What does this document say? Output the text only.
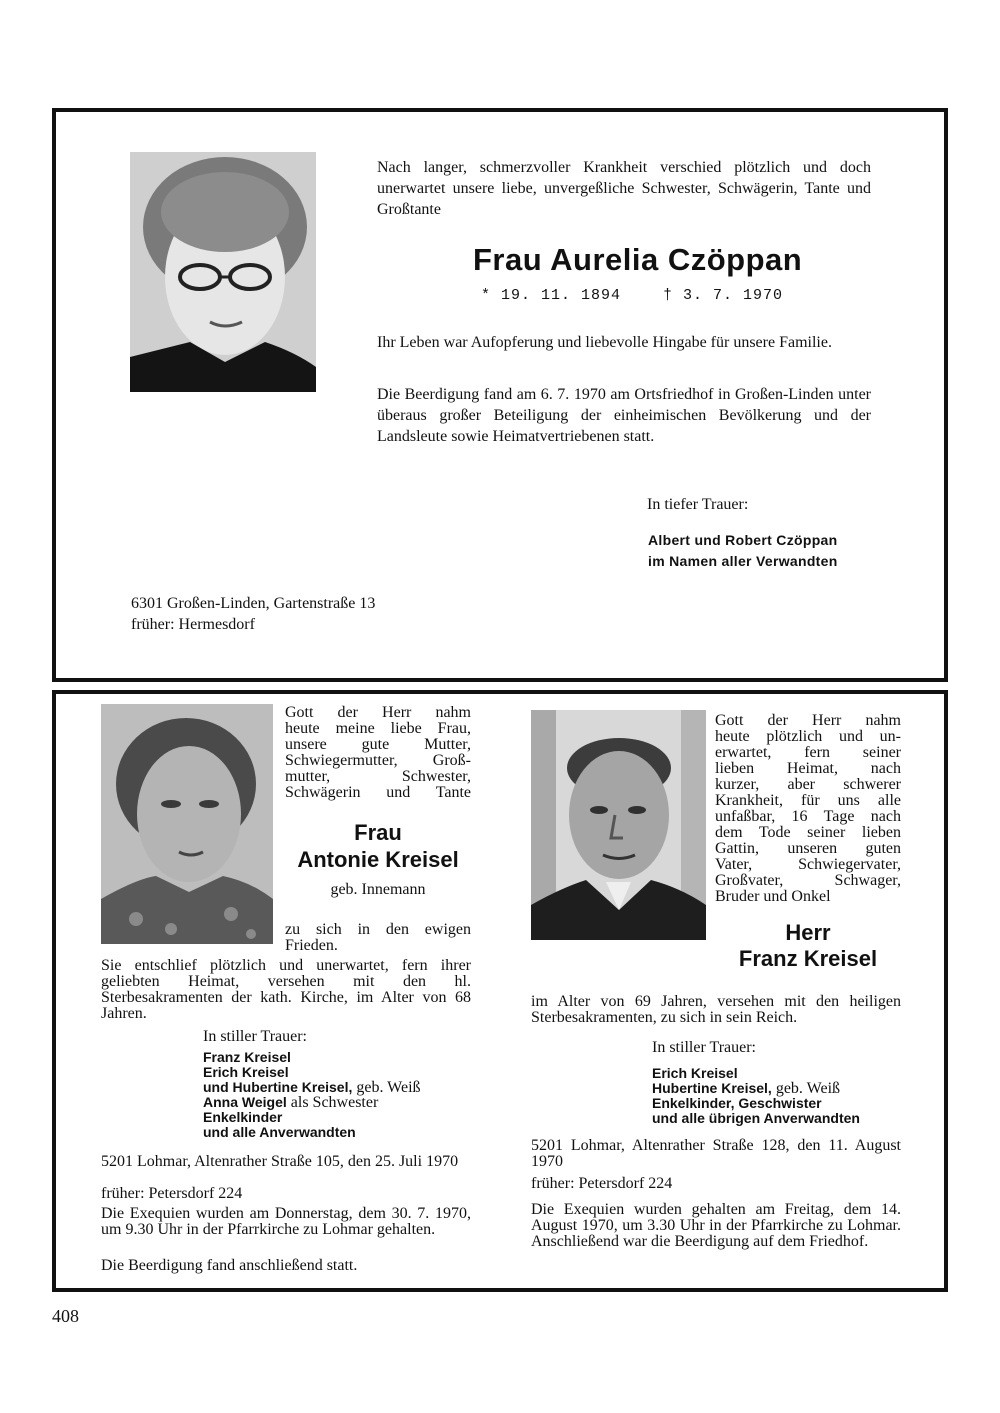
Nach langer, schmerzvoller Krankheit verschied plötzlich und doch unerwartet unsere liebe, unvergeßliche Schwester, Schwägerin, Tante und Großtante
Frau Aurelia Czöppan
* 19. 11. 1894	† 3. 7. 1970
Ihr Leben war Aufopferung und liebevolle Hingabe für unsere Familie.
Die Beerdigung fand am 6. 7. 1970 am Ortsfriedhof in Großen-Linden unter überaus großer Beteiligung der einheimischen Bevölkerung und der Landsleute sowie Heimatvertriebenen statt.
In tiefer Trauer:
Albert und Robert Czöppan
im Namen aller Verwandten
6301 Großen-Linden, Gartenstraße 13
früher: Hermesdorf
Gott der Herr nahm
heute meine liebe Frau,
unsere gute Mutter,
Schwiegermutter, Groß-
mutter, Schwester,
Schwägerin und Tante
Frau
Antonie Kreisel
geb. Innemann
zu sich in den ewigen
Frieden.
Sie entschlief plötzlich und unerwartet, fern ihrer geliebten Heimat, versehen mit den hl. Sterbesakramenten der kath. Kirche, im Alter von 68 Jahren.
In stiller Trauer:
Franz Kreisel
Erich Kreisel
und Hubertine Kreisel, geb. Weiß
Anna Weigel als Schwester
Enkelkinder
und alle Anverwandten
5201 Lohmar, Altenrather Straße 105, den 25. Juli 1970
früher: Petersdorf 224
Die Exequien wurden am Donnerstag, dem 30. 7. 1970, um 9.30 Uhr in der Pfarrkirche zu Lohmar gehalten.
Die Beerdigung fand anschließend statt.
Gott der Herr nahm
heute plötzlich und un-
erwartet, fern seiner
lieben Heimat, nach
kurzer, aber schwerer
Krankheit, für uns alle
unfaßbar, 16 Tage nach
dem Tode seiner lieben
Gattin, unseren guten
Vater, Schwiegervater,
Großvater, Schwager,
Bruder und Onkel
Herr
Franz Kreisel
im Alter von 69 Jahren, versehen mit den heiligen Sterbesakramenten, zu sich in sein Reich.
In stiller Trauer:
Erich Kreisel
Hubertine Kreisel, geb. Weiß
Enkelkinder, Geschwister
und alle übrigen Anverwandten
5201 Lohmar, Altenrather Straße 128, den 11. August 1970
früher: Petersdorf 224
Die Exequien wurden gehalten am Freitag, dem 14. August 1970, um 3.30 Uhr in der Pfarrkirche zu Lohmar. Anschließend war die Beerdigung auf dem Friedhof.
408
